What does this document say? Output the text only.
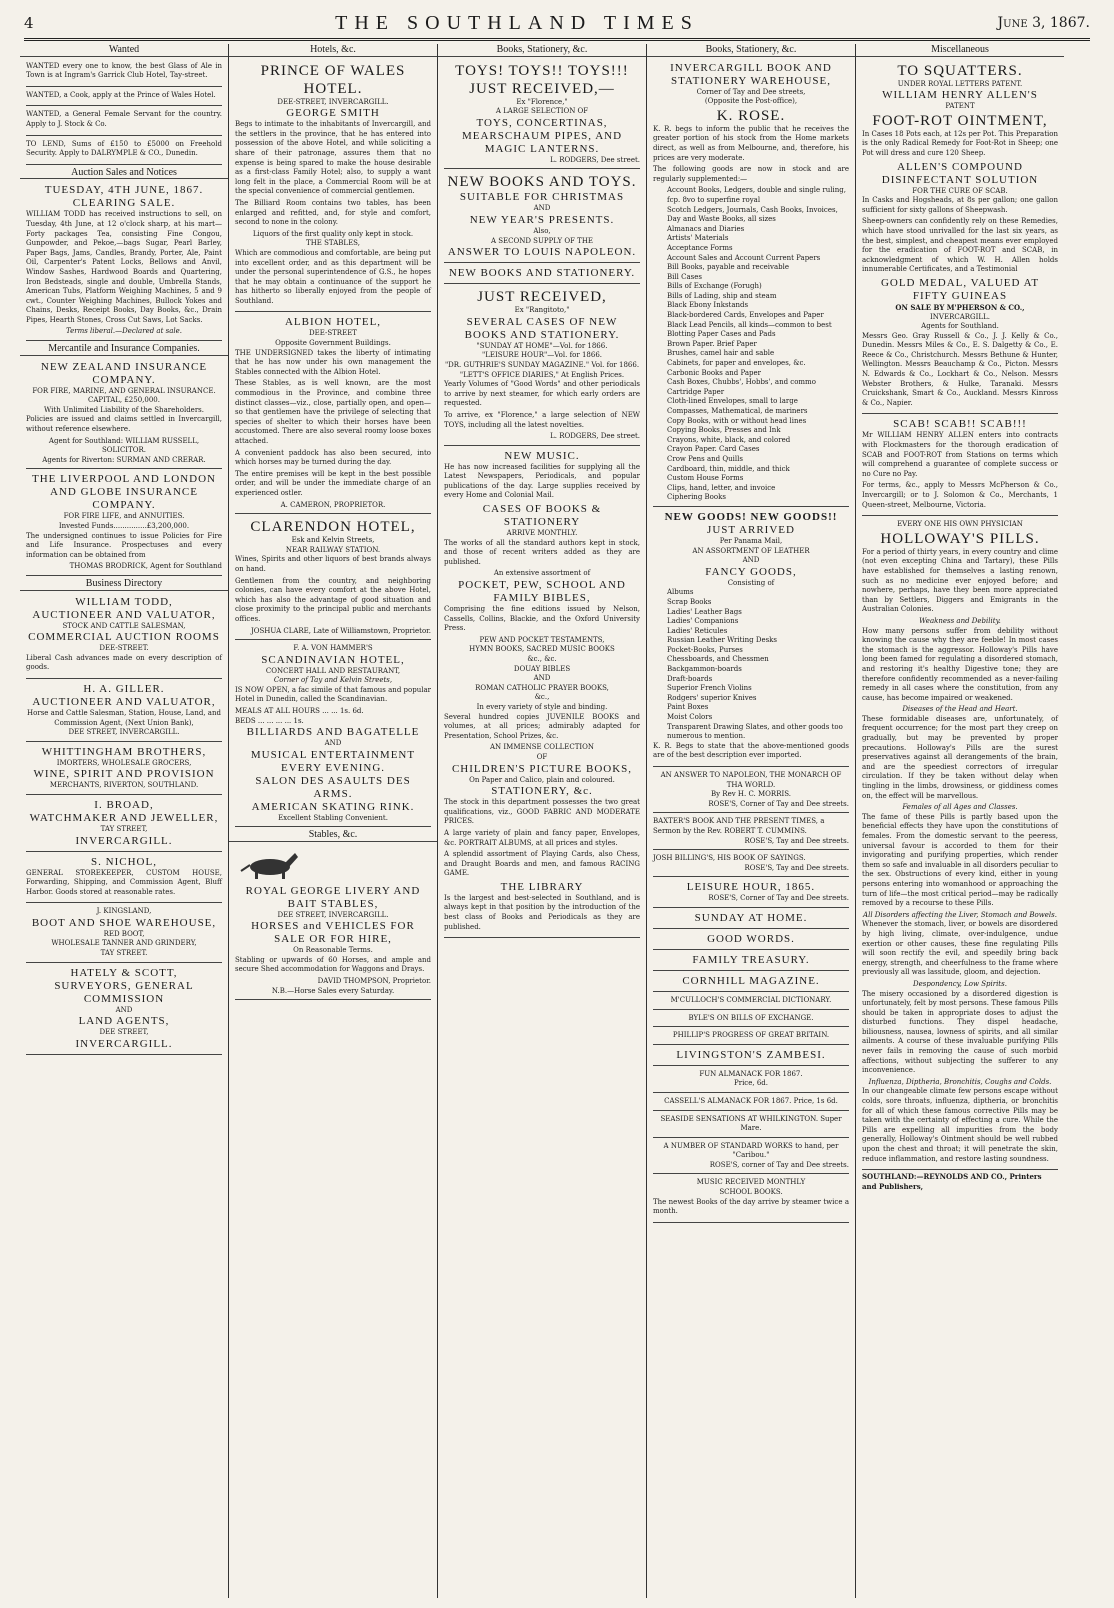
4	THE SOUTHLAND TIMES	June 3, 1867.
Wanted

WANTED every one to know, the best Glass of Ale in Town is at Ingram's Garrick Club Hotel, Tay-street.

WANTED, a Cook, apply at the Prince of Wales Hotel.

WANTED, a General Female Servant for the country. Apply to J. Stock & Co.

TO LEND, Sums of £150 to £5000 on Freehold Security. Apply to DALRYMPLE & CO., Dunedin.

Auction Sales and Notices
TUESDAY, 4TH JUNE, 1867.
CLEARING SALE.

WILLIAM TODD has received instructions to sell, on Tuesday, 4th June, at 12 o'clock sharp, at his mart— Forty packages Tea, consisting Fine Congou, Gunpowder, and Pekoe,—bags Sugar, Pearl Barley, Paper Bags, Jams, Candles, Brandy, Porter, Ale, Paint Oil, Carpenter's Patent Locks, Bellows and Anvil, Window Sashes, Hardwood Boards and Quartering, Iron Bedsteads, single and double, Umbrella Stands, American Tubs, Platform Weighing Machines, 5 and 9 cwt., Counter Weighing Machines, Bullock Yokes and Chains, Desks, Receipt Books, Day Books, &c., Drain Pipes, Hearth Stones, Cross Cut Saws, Lot Sacks.

Terms liberal.—Declared at sale.
Mercantile and Insurance Companies.
NEW ZEALAND INSURANCE COMPANY.
FOR FIRE, MARINE, AND GENERAL INSURANCE.
CAPITAL, £250,000.
With Unlimited Liability of the Shareholders.

Policies are issued and claims settled in Invercargill, without reference elsewhere.

Agent for Southland: WILLIAM RUSSELL, SOLICITOR.
Agents for Riverton: SURMAN AND CRERAR.
THE LIVERPOOL AND LONDON AND GLOBE INSURANCE COMPANY.
FOR FIRE LIFE, and ANNUITIES.
Invested Funds...............£3,200,000.

The undersigned continues to issue Policies for Fire and Life Insurance. Prospectuses and every information can be obtained from

THOMAS BRODRICK, Agent for Southland
Business Directory
WILLIAM TODD,
AUCTIONEER AND VALUATOR,
STOCK AND CATTLE SALESMAN,
COMMERCIAL AUCTION ROOMS
DEE-STREET.

Liberal Cash advances made on every description of goods.

H. A. GILLER.
AUCTIONEER AND VALUATOR,
Horse and Cattle Salesman, Station, House, Land, and Commission Agent, (Next Union Bank),
DEE STREET, INVERCARGILL.
WHITTINGHAM BROTHERS,
IMORTERS, WHOLESALE GROCERS,
WINE, SPIRIT AND PROVISION
MERCHANTS, RIVERTON, SOUTHLAND.
I. BROAD,
WATCHMAKER AND JEWELLER,
TAY STREET,
INVERCARGILL.
S. NICHOL,

GENERAL STOREKEEPER, CUSTOM HOUSE, Forwarding, Shipping, and Commission Agent, Bluff Harbor. Goods stored at reasonable rates.

J. KINGSLAND,
BOOT AND SHOE WAREHOUSE,
RED BOOT,
WHOLESALE TANNER AND GRINDERY,
TAY STREET.
HATELY & SCOTT,
SURVEYORS, GENERAL COMMISSION
AND
LAND AGENTS,
DEE STREET,
INVERCARGILL.
Hotels, &c.
PRINCE OF WALES HOTEL.
DEE-STREET, INVERCARGILL.
GEORGE SMITH

Begs to intimate to the inhabitants of Invercargill, and the settlers in the province, that he has entered into possession of the above Hotel, and while soliciting a share of their patronage, assures them that no expense is being spared to make the house desirable as a first-class Family Hotel; also, to supply a want long felt in the place, a Commercial Room will be at the special convenience of commercial gentlemen.

The Billiard Room contains two tables, has been enlarged and refitted, and, for style and comfort, second to none in the colony.

Liquors of the first quality only kept in stock.
THE STABLES,

Which are commodious and comfortable, are being put into excellent order, and as this department will be under the personal superintendence of G.S., he hopes that he may obtain a continuance of the support he has hitherto so liberally enjoyed from the people of Southland.

ALBION HOTEL,
DEE-STREET
Opposite Government Buildings.

THE UNDERSIGNED takes the liberty of intimating that he has now under his own management the Stables connected with the Albion Hotel.

These Stables, as is well known, are the most commodious in the Province, and combine three distinct classes—viz., close, partially open, and open—so that gentlemen have the privilege of selecting that species of shelter to which their horses have been accustomed. There are also several roomy loose boxes attached.

A convenient paddock has also been secured, into which horses may be turned during the day.

The entire premises will be kept in the best possible order, and will be under the immediate charge of an experienced ostler.

A. CAMERON, PROPRIETOR.
CLARENDON HOTEL,
Esk and Kelvin Streets,
NEAR RAILWAY STATION.

Wines, Spirits and other liquors of best brands always on hand.

Gentlemen from the country, and neighboring colonies, can have every comfort at the above Hotel, which has also the advantage of good situation and close proximity to the principal public and merchants offices.

JOSHUA CLARE, Late of Williamstown, Proprietor.
F. A. VON HAMMER'S
SCANDINAVIAN HOTEL,
CONCERT HALL AND RESTAURANT,
Corner of Tay and Kelvin Streets,

IS NOW OPEN, a fac simile of that famous and popular Hotel in Dunedin, called the Scandinavian.

MEALS AT ALL HOURS ... ... 1s. 6d.
BEDS ... ... ... ... 1s.
BILLIARDS AND BAGATELLE
AND
MUSICAL ENTERTAINMENT EVERY EVENING.
SALON DES ASAULTS DES ARMS.
AMERICAN SKATING RINK.
Excellent Stabling Convenient.
Stables, &c.
ROYAL GEORGE LIVERY AND BAIT STABLES,
DEE STREET, INVERCARGILL.
HORSES and VEHICLES FOR SALE OR FOR HIRE,
On Reasonable Terms.

Stabling or upwards of 60 Horses, and ample and secure Shed accommodation for Waggons and Drays.

DAVID THOMPSON, Proprietor.
N.B.—Horse Sales every Saturday.
Books, Stationery, &c.
TOYS! TOYS!! TOYS!!!
JUST RECEIVED,—
Ex "Florence,"
A LARGE SELECTION OF
TOYS, CONCERTINAS, MEARSCHAUM PIPES, AND MAGIC LANTERNS.
L. RODGERS, Dee street.
NEW BOOKS AND TOYS.
SUITABLE FOR CHRISTMAS
AND
NEW YEAR'S PRESENTS.
Also,
A SECOND SUPPLY OF THE
ANSWER TO LOUIS NAPOLEON.
NEW BOOKS AND STATIONERY.
JUST RECEIVED,
Ex "Rangitoto,"
SEVERAL CASES OF NEW BOOKS AND STATIONERY.
"SUNDAY AT HOME"—Vol. for 1866.
"LEISURE HOUR"—Vol. for 1866.
"DR. GUTHRIE'S SUNDAY MAGAZINE." Vol. for 1866.
"LETT'S OFFICE DIARIES," At English Prices.

Yearly Volumes of "Good Words" and other periodicals to arrive by next steamer, for which early orders are requested.

To arrive, ex "Florence," a large selection of NEW TOYS, including all the latest novelties.

L. RODGERS, Dee street.
NEW MUSIC.

He has now increased facilities for supplying all the Latest Newspapers, Periodicals, and popular publications of the day. Large supplies received by every Home and Colonial Mail.

CASES OF BOOKS & STATIONERY
ARRIVE MONTHLY.

The works of all the standard authors kept in stock, and those of recent writers added as they are published.

An extensive assortment of
POCKET, PEW, SCHOOL AND FAMILY BIBLES,

Comprising the fine editions issued by Nelson, Cassells, Collins, Blackie, and the Oxford University Press.

PEW AND POCKET TESTAMENTS,
HYMN BOOKS, SACRED MUSIC BOOKS
&c., &c.
DOUAY BIBLES
AND
ROMAN CATHOLIC PRAYER BOOKS,
&c.,
In every variety of style and binding.

Several hundred copies JUVENILE BOOKS and volumes, at all prices; admirably adapted for Presentation, School Prizes, &c.

AN IMMENSE COLLECTION
OF
CHILDREN'S PICTURE BOOKS,
On Paper and Calico, plain and coloured.
STATIONERY, &c.

The stock in this department possesses the two great qualifications, viz., GOOD FABRIC AND MODERATE PRICES.

A large variety of plain and fancy paper, Envelopes, &c. PORTRAIT ALBUMS, at all prices and styles.

A splendid assortment of Playing Cards, also Chess, and Draught Boards and men, and famous RACING GAME.

THE LIBRARY

Is the largest and best-selected in Southland, and is always kept in that position by the introduction of the best class of Books and Periodicals as they are published.

Books, Stationery, &c.
INVERCARGILL BOOK AND STATIONERY WAREHOUSE,
Corner of Tay and Dee streets,
(Opposite the Post-office),
K. ROSE.

K. R. begs to inform the public that he receives the greater portion of his stock from the Home markets direct, as well as from Melbourne, and, therefore, his prices are very moderate.

The following goods are now in stock and are regularly supplemented:—

Account Books, Ledgers, double and single ruling, fcp. 8vo to superfine royal
Scotch Ledgers, Journals, Cash Books, Invoices, Day and Waste Books, all sizes
Almanacs and Diaries
Artists' Materials
Acceptance Forms
Account Sales and Account Current Papers
Bill Books, payable and receivable
Bill Cases
Bills of Exchange (Forugh)
Bills of Lading, ship and steam
Black Ebony Inkstands
Black-bordered Cards, Envelopes and Paper
Black Lead Pencils, all kinds—common to best
Blotting Paper Cases and Pads
Brown Paper. Brief Paper
Brushes, camel hair and sable
Cabinets, for paper and envelopes, &c.
Carbonic Books and Paper
Cash Boxes, Chubbs', Hobbs', and commo
Cartridge Paper
Cloth-lined Envelopes, small to large
Compasses, Mathematical, de mariners
Copy Books, with or without head lines
Copying Books, Presses and Ink
Crayons, white, black, and colored
Crayon Paper. Card Cases
Crow Pens and Quills
Cardboard, thin, middle, and thick
Custom House Forms
Clips, hand, letter, and invoice
Ciphering Books
NEW GOODS! NEW GOODS!!
JUST ARRIVED
Per Panama Mail,
AN ASSORTMENT OF LEATHER
AND
FANCY GOODS,
Consisting of
Albums
Scrap Books
Ladies' Leather Bags
Ladies' Companions
Ladies' Reticules
Russian Leather Writing Desks
Pocket-Books, Purses
Chessboards, and Chessmen
Backgammon-boards
Draft-boards
Superior French Violins
Rodgers' superior Knives
Paint Boxes
Moist Colors
Transparent Drawing Slates, and other goods too numerous to mention.

K. R. Begs to state that the above-mentioned goods are of the best description ever imported.

AN ANSWER TO NAPOLEON, THE MONARCH OF THA WORLD.
By Rev H. C. MORRIS.
ROSE'S, Corner of Tay and Dee streets.
BAXTER'S BOOK AND THE PRESENT TIMES, a Sermon by the Rev. ROBERT T. CUMMINS.
ROSE'S, Tay and Dee streets.
JOSH BILLING'S, HIS BOOK OF SAYINGS.
ROSE'S, Tay and Dee streets.
LEISURE HOUR, 1865.
ROSE'S, Corner of Tay and Dee streets.
SUNDAY AT HOME.
GOOD WORDS.
FAMILY TREASURY.
CORNHILL MAGAZINE.
M'CULLOCH'S COMMERCIAL DICTIONARY.
BYLE'S ON BILLS OF EXCHANGE.
PHILLIP'S PROGRESS OF GREAT BRITAIN.
LIVINGSTON'S ZAMBESI.
FUN ALMANACK FOR 1867.
Price, 6d.
CASSELL'S ALMANACK FOR 1867. Price, 1s 6d.
SEASIDE SENSATIONS AT WHILKINGTON. Super Mare.
A NUMBER OF STANDARD WORKS to hand, per "Caribou."
ROSE'S, corner of Tay and Dee streets.
MUSIC RECEIVED MONTHLY
SCHOOL BOOKS.

The newest Books of the day arrive by steamer twice a month.

Miscellaneous
TO SQUATTERS.
UNDER ROYAL LETTERS PATENT.
WILLIAM HENRY ALLEN'S
PATENT
FOOT-ROT OINTMENT,

In Cases 18 Pots each, at 12s per Pot. This Preparation is the only Radical Remedy for Foot-Rot in Sheep; one Pot will dress and cure 120 Sheep.

ALLEN'S COMPOUND DISINFECTANT SOLUTION
FOR THE CURE OF SCAB.

In Casks and Hogsheads, at 8s per gallon; one gallon sufficient for sixty gallons of Sheepwash.

Sheep-owners can confidently rely on these Remedies, which have stood unrivalled for the last six years, as the best, simplest, and cheapest means ever employed for the eradication of FOOT-ROT and SCAB, in acknowledgment of which W. H. Allen holds innumerable Certificates, and a Testimonial

GOLD MEDAL, VALUED AT FIFTY GUINEAS
ON SALE BY M'PHERSON & CO.,
INVERCARGILL.
Agents for Southland.

Messrs Geo. Gray Russell & Co., J. J. Kelly & Co., Dunedin. Messrs Miles & Co., E. S. Dalgetty & Co., E. Reece & Co., Christchurch. Messrs Bethune & Hunter, Wellington. Messrs Beauchamp & Co., Picton. Messrs N. Edwards & Co., Lockhart & Co., Nelson. Messrs Webster Brothers, & Hulke, Taranaki. Messrs Cruickshank, Smart & Co., Auckland. Messrs Kinross & Co., Napier.

SCAB! SCAB!! SCAB!!!

Mr WILLIAM HENRY ALLEN enters into contracts with Flockmasters for the thorough eradication of SCAB and FOOT-ROT from Stations on terms which will comprehend a guarantee of complete success or no Cure no Pay.

For terms, &c., apply to Messrs McPherson & Co., Invercargill; or to J. Solomon & Co., Merchants, 1 Queen-street, Melbourne, Victoria.

EVERY ONE HIS OWN PHYSICIAN
HOLLOWAY'S PILLS.

For a period of thirty years, in every country and clime (not even excepting China and Tartary), these Pills have established for themselves a lasting renown, such as no medicine ever enjoyed before; and nowhere, perhaps, have they been more appreciated than by Settlers, Diggers and Emigrants in the Australian Colonies.

Weakness and Debility.

How many persons suffer from debility without knowing the cause why they are feeble! In most cases the stomach is the aggressor. Holloway's Pills have long been famed for regulating a disordered stomach, and restoring it's healthy Digestive tone; they are therefore confidently recommended as a never-failing remedy in all cases where the constitution, from any cause, has become impaired or weakened.

Diseases of the Head and Heart.

These formidable diseases are, unfortunately, of frequent occurrence; for the most part they creep on gradually, but may be prevented by proper precautions. Holloway's Pills are the surest preservatives against all derangements of the brain, and are the speediest correctors of irregular circulation. If they be taken without delay when tingling in the limbs, drowsiness, or giddiness comes on, the effect will be marvellous.

Females of all Ages and Classes.

The fame of these Pills is partly based upon the beneficial effects they have upon the constitutions of females. From the domestic servant to the peeress, universal favour is accorded to them for their invigorating and purifying properties, which render them so safe and invaluable in all disorders peculiar to the sex. Obstructions of every kind, either in young persons entering into womanhood or approaching the turn of life—the most critical period—may be radically removed by a recourse to these Pills.

All Disorders affecting the Liver, Stomach and Bowels.

Whenever the stomach, liver, or bowels are disordered by high living, climate, over-indulgence, undue exertion or other causes, these fine regulating Pills will soon rectify the evil, and speedily bring back energy, strength, and cheerfulness to the frame where previously all was lassitude, gloom, and dejection.

Despondency, Low Spirits.

The misery occasioned by a disordered digestion is unfortunately, felt by most persons. These famous Pills should be taken in appropriate doses to adjust the disturbed functions. They dispel headache, biliousness, nausea, lowness of spirits, and all similar ailments. A course of these invaluable purifying Pills never fails in removing the cause of such morbid affections, without subjecting the sufferer to any inconvenience.

Influenza, Diptheria, Bronchitis, Coughs and Colds.

In our changeable climate few persons escape without colds, sore throats, influenza, diptheria, or bronchitis for all of which these famous corrective Pills may be taken with the certainty of effecting a cure. While the Pills are expelling all impurities from the body generally, Holloway's Ointment should be well rubbed upon the chest and throat; it will penetrate the skin, reduce inflammation, and restore lasting soundness.

SOUTHLAND:—REYNOLDS AND CO., Printers and Publishers,
